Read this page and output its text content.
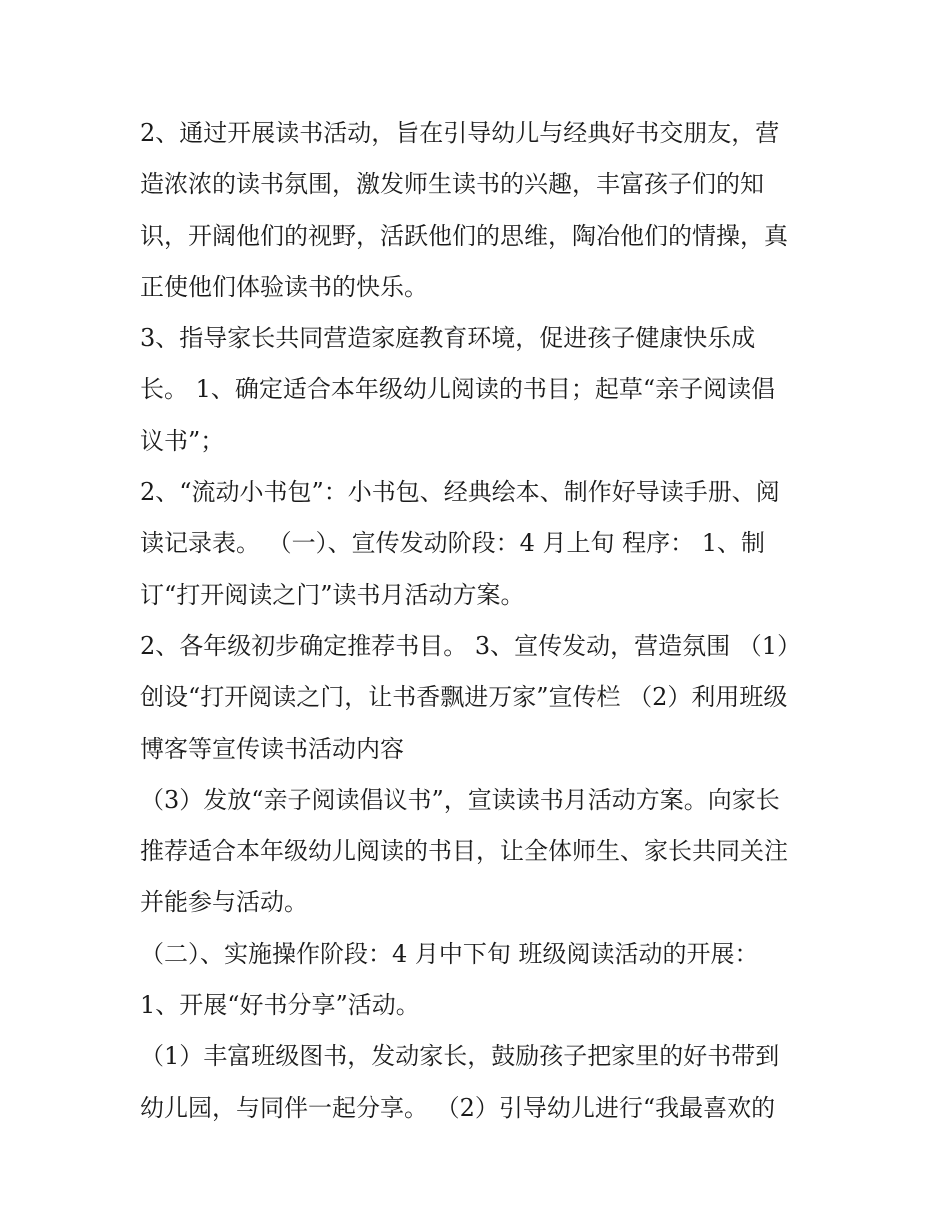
2、通过开展读书活动，旨在引导幼儿与经典好书交朋友，营
造浓浓的读书氛围，激发师生读书的兴趣，丰富孩子们的知
识，开阔他们的视野，活跃他们的思维，陶冶他们的情操，真
正使他们体验读书的快乐。
3、指导家长共同营造家庭教育环境，促进孩子健康快乐成
长。 1、确定适合本年级幼儿阅读的书目；起草“亲子阅读倡
议书”；
2、“流动小书包”：小书包、经典绘本、制作好导读手册、阅
读记录表。 （一）、宣传发动阶段：4 月上旬 程序： 1、制
订“打开阅读之门”读书月活动方案。
2、各年级初步确定推荐书目。 3、宣传发动，营造氛围 （1）
创设“打开阅读之门，让书香飘进万家”宣传栏 （2）利用班级
博客等宣传读书活动内容
（3）发放“亲子阅读倡议书”，宣读读书月活动方案。向家长
推荐适合本年级幼儿阅读的书目，让全体师生、家长共同关注
并能参与活动。
（二）、实施操作阶段：4 月中下旬 班级阅读活动的开展：
1、开展“好书分享”活动。
（1）丰富班级图书，发动家长，鼓励孩子把家里的好书带到
幼儿园，与同伴一起分享。 （2）引导幼儿进行“我最喜欢的
